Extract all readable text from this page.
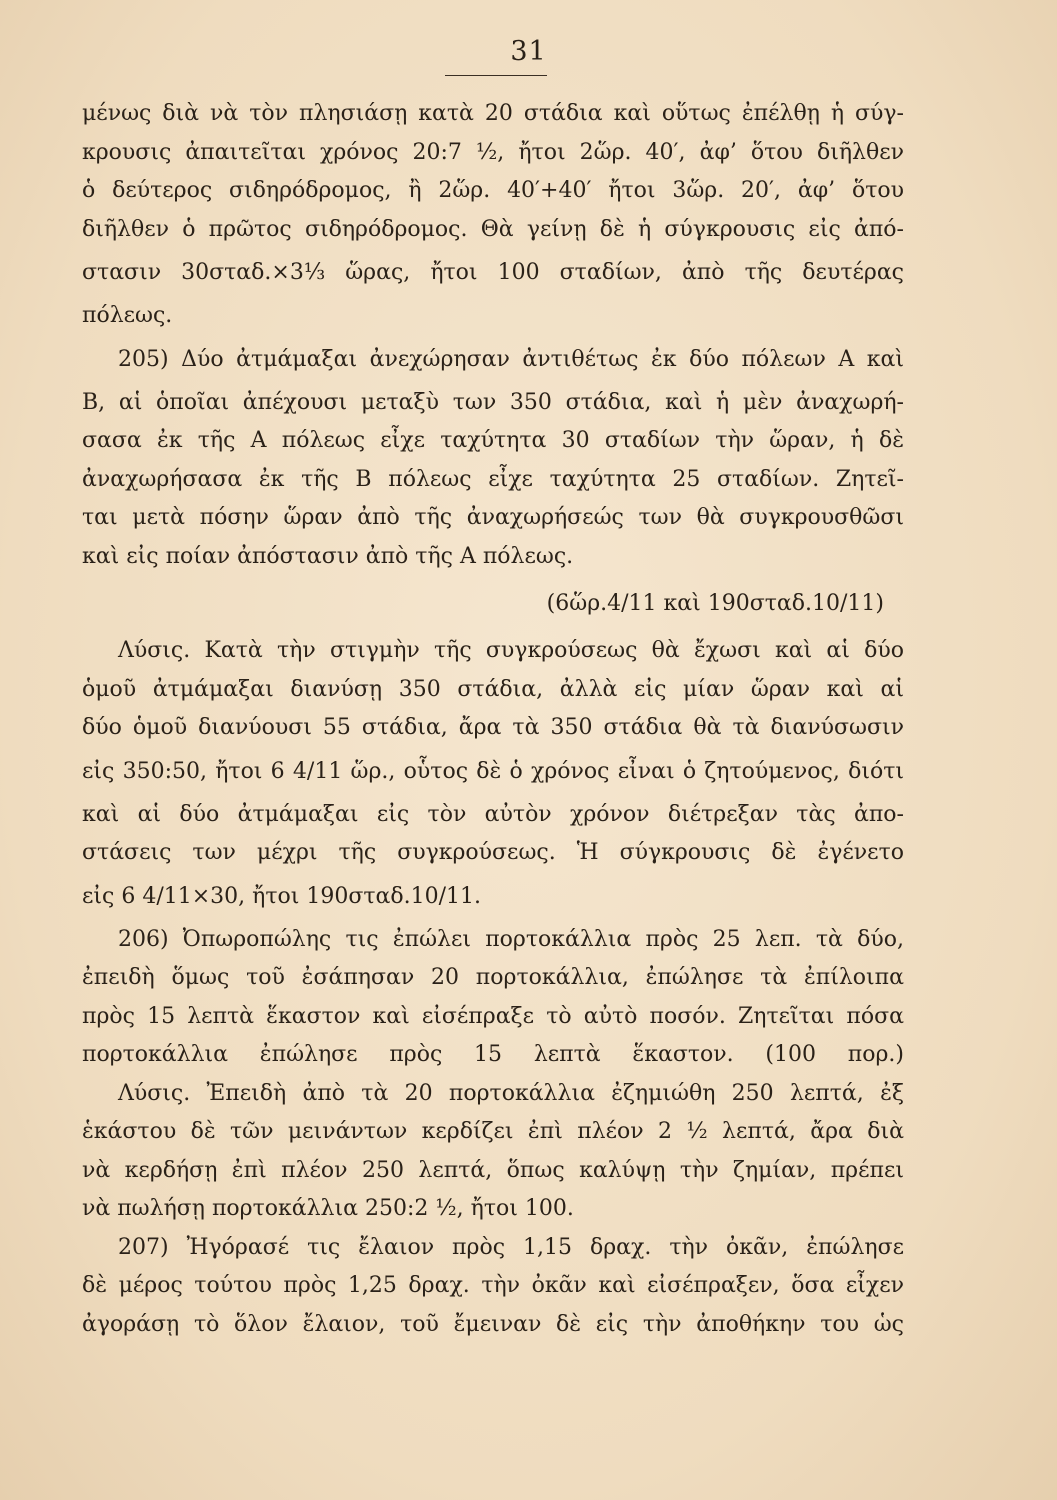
31
μένως διὰ νὰ τὸν πλησιάσῃ κατὰ 20 στάδια καὶ οὕτως ἐπέλθῃ ἡ σύγ-
κρουσις ἀπαιτεῖται χρόνος 20:7 ½, ἤτοι 2ὥρ. 40′, ἀφ’ ὅτου διῆλθεν
ὁ δεύτερος σιδηρόδρομος, ἢ 2ὥρ. 40′+40′ ἤτοι 3ὥρ. 20′, ἀφ’ ὅτου
διῆλθεν ὁ πρῶτος σιδηρόδρομος. Θὰ γείνῃ δὲ ἡ σύγκρουσις εἰς ἀπό-
στασιν 30σταδ.×3⅓ ὥρας, ἤτοι 100 σταδίων, ἀπὸ τῆς δευτέρας
πόλεως.
205) Δύο ἀτμάμαξαι ἀνεχώρησαν ἀντιθέτως ἐκ δύο πόλεων Α καὶ
Β, αἱ ὁποῖαι ἀπέχουσι μεταξὺ των 350 στάδια, καὶ ἡ μὲν ἀναχωρή-
σασα ἐκ τῆς Α πόλεως εἶχε ταχύτητα 30 σταδίων τὴν ὥραν, ἡ δὲ
ἀναχωρήσασα ἐκ τῆς Β πόλεως εἶχε ταχύτητα 25 σταδίων. Ζητεῖ-
ται μετὰ πόσην ὥραν ἀπὸ τῆς ἀναχωρήσεώς των θὰ συγκρουσθῶσι
καὶ εἰς ποίαν ἀπόστασιν ἀπὸ τῆς Α πόλεως.
(6ὥρ.4/11 καὶ 190σταδ.10/11)
Λύσις. Κατὰ τὴν στιγμὴν τῆς συγκρούσεως θὰ ἔχωσι καὶ αἱ δύο
ὁμοῦ ἀτμάμαξαι διανύσῃ 350 στάδια, ἀλλὰ εἰς μίαν ὥραν καὶ αἱ
δύο ὁμοῦ διανύουσι 55 στάδια, ἄρα τὰ 350 στάδια θὰ τὰ διανύσωσιν
εἰς 350:50, ἤτοι 6 4/11 ὥρ., οὗτος δὲ ὁ χρόνος εἶναι ὁ ζητούμενος, διότι
καὶ αἱ δύο ἀτμάμαξαι εἰς τὸν αὐτὸν χρόνον διέτρεξαν τὰς ἀπο-
στάσεις των μέχρι τῆς συγκρούσεως. Ἡ σύγκρουσις δὲ ἐγένετο
εἰς 6 4/11×30, ἤτοι 190σταδ.10/11.
206) Ὀπωροπώλης τις ἐπώλει πορτοκάλλια πρὸς 25 λεπ. τὰ δύο,
ἐπειδὴ ὅμως τοῦ ἐσάπησαν 20 πορτοκάλλια, ἐπώλησε τὰ ἐπίλοιπα
πρὸς 15 λεπτὰ ἕκαστον καὶ εἰσέπραξε τὸ αὐτὸ ποσόν. Ζητεῖται πόσα
πορτοκάλλια ἐπώλησε πρὸς 15 λεπτὰ ἕκαστον. (100 πορ.)
Λύσις. Ἐπειδὴ ἀπὸ τὰ 20 πορτοκάλλια ἐζημιώθη 250 λεπτά, ἐξ
ἑκάστου δὲ τῶν μεινάντων κερδίζει ἐπὶ πλέον 2 ½ λεπτά, ἄρα διὰ
νὰ κερδήσῃ ἐπὶ πλέον 250 λεπτά, ὅπως καλύψῃ τὴν ζημίαν, πρέπει
νὰ πωλήσῃ πορτοκάλλια 250:2 ½, ἤτοι 100.
207) Ἠγόρασέ τις ἔλαιον πρὸς 1,15 δραχ. τὴν ὀκᾶν, ἐπώλησε
δὲ μέρος τούτου πρὸς 1,25 δραχ. τὴν ὀκᾶν καὶ εἰσέπραξεν, ὅσα εἶχεν
ἀγοράσῃ τὸ ὅλον ἔλαιον, τοῦ ἔμειναν δὲ εἰς τὴν ἀποθήκην του ὡς
